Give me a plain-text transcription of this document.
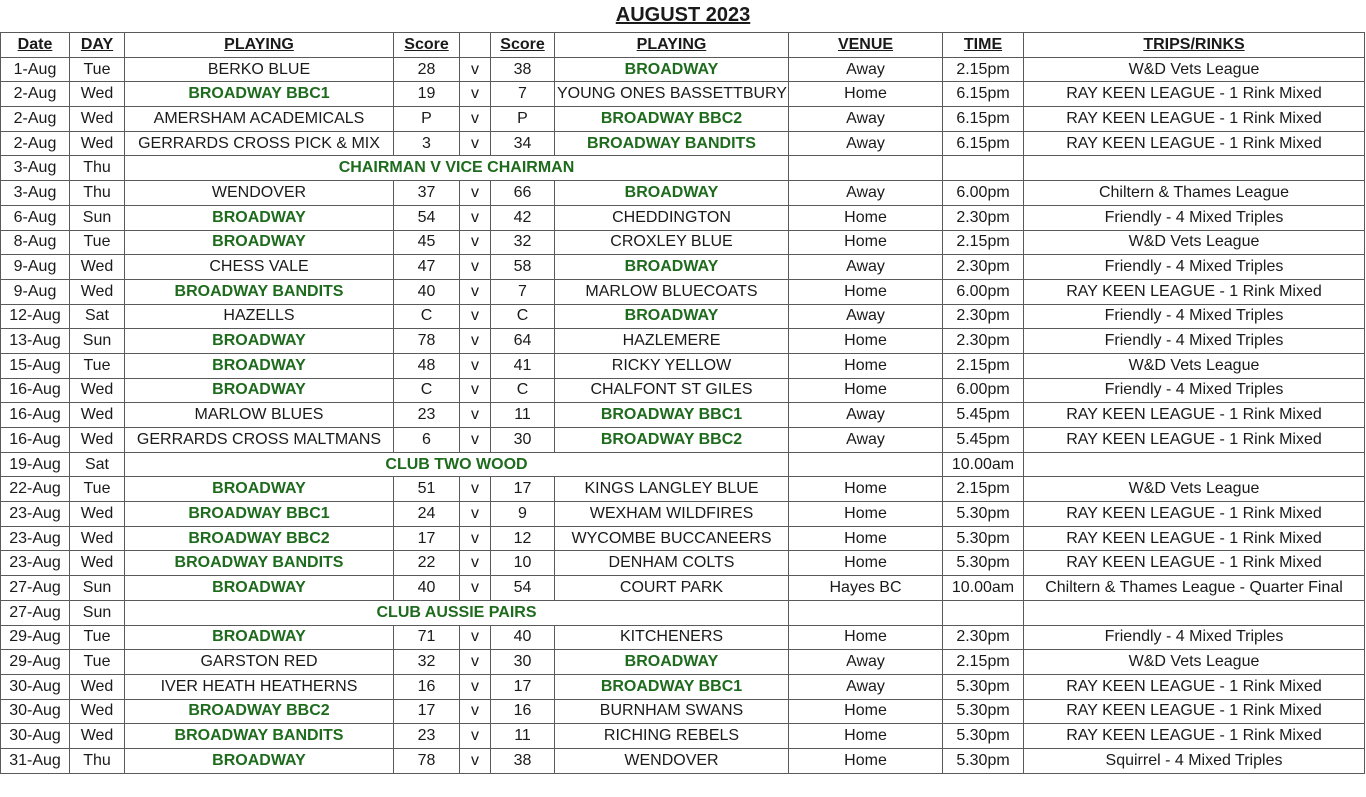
AUGUST 2023
Date	DAY	PLAYING	Score		Score	PLAYING	VENUE	TIME	TRIPS/RINKS
1-Aug	Tue	BERKO BLUE	28	v	38	BROADWAY	Away	2.15pm	W&D Vets League
2-Aug	Wed	BROADWAY BBC1	19	v	7	YOUNG ONES BASSETTBURY	Home	6.15pm	RAY KEEN LEAGUE - 1 Rink Mixed
2-Aug	Wed	AMERSHAM ACADEMICALS	P	v	P	BROADWAY BBC2	Away	6.15pm	RAY KEEN LEAGUE - 1 Rink Mixed
2-Aug	Wed	GERRARDS CROSS PICK & MIX	3	v	34	BROADWAY BANDITS	Away	6.15pm	RAY KEEN LEAGUE - 1 Rink Mixed
3-Aug	Thu	CHAIRMAN V VICE CHAIRMAN							
3-Aug	Thu	WENDOVER	37	v	66	BROADWAY	Away	6.00pm	Chiltern & Thames League
6-Aug	Sun	BROADWAY	54	v	42	CHEDDINGTON	Home	2.30pm	Friendly - 4 Mixed Triples
8-Aug	Tue	BROADWAY	45	v	32	CROXLEY BLUE	Home	2.15pm	W&D Vets League
9-Aug	Wed	CHESS VALE	47	v	58	BROADWAY	Away	2.30pm	Friendly - 4 Mixed Triples
9-Aug	Wed	BROADWAY BANDITS	40	v	7	MARLOW BLUECOATS	Home	6.00pm	RAY KEEN LEAGUE - 1 Rink Mixed
12-Aug	Sat	HAZELLS	C	v	C	BROADWAY	Away	2.30pm	Friendly - 4 Mixed Triples
13-Aug	Sun	BROADWAY	78	v	64	HAZLEMERE	Home	2.30pm	Friendly - 4 Mixed Triples
15-Aug	Tue	BROADWAY	48	v	41	RICKY YELLOW	Home	2.15pm	W&D Vets League
16-Aug	Wed	BROADWAY	C	v	C	CHALFONT ST GILES	Home	6.00pm	Friendly - 4 Mixed Triples
16-Aug	Wed	MARLOW BLUES	23	v	11	BROADWAY BBC1	Away	5.45pm	RAY KEEN LEAGUE - 1 Rink Mixed
16-Aug	Wed	GERRARDS CROSS MALTMANS	6	v	30	BROADWAY BBC2	Away	5.45pm	RAY KEEN LEAGUE - 1 Rink Mixed
19-Aug	Sat	CLUB TWO WOOD						10.00am	
22-Aug	Tue	BROADWAY	51	v	17	KINGS LANGLEY BLUE	Home	2.15pm	W&D Vets League
23-Aug	Wed	BROADWAY BBC1	24	v	9	WEXHAM WILDFIRES	Home	5.30pm	RAY KEEN LEAGUE - 1 Rink Mixed
23-Aug	Wed	BROADWAY BBC2	17	v	12	WYCOMBE BUCCANEERS	Home	5.30pm	RAY KEEN LEAGUE - 1 Rink Mixed
23-Aug	Wed	BROADWAY BANDITS	22	v	10	DENHAM COLTS	Home	5.30pm	RAY KEEN LEAGUE - 1 Rink Mixed
27-Aug	Sun	BROADWAY	40	v	54	COURT PARK	Hayes BC	10.00am	Chiltern & Thames League - Quarter Final
27-Aug	Sun	CLUB AUSSIE PAIRS							
29-Aug	Tue	BROADWAY	71	v	40	KITCHENERS	Home	2.30pm	Friendly - 4 Mixed Triples
29-Aug	Tue	GARSTON RED	32	v	30	BROADWAY	Away	2.15pm	W&D Vets League
30-Aug	Wed	IVER HEATH HEATHERNS	16	v	17	BROADWAY BBC1	Away	5.30pm	RAY KEEN LEAGUE - 1 Rink Mixed
30-Aug	Wed	BROADWAY BBC2	17	v	16	BURNHAM SWANS	Home	5.30pm	RAY KEEN LEAGUE - 1 Rink Mixed
30-Aug	Wed	BROADWAY BANDITS	23	v	11	RICHING REBELS	Home	5.30pm	RAY KEEN LEAGUE - 1 Rink Mixed
31-Aug	Thu	BROADWAY	78	v	38	WENDOVER	Home	5.30pm	Squirrel - 4 Mixed Triples
